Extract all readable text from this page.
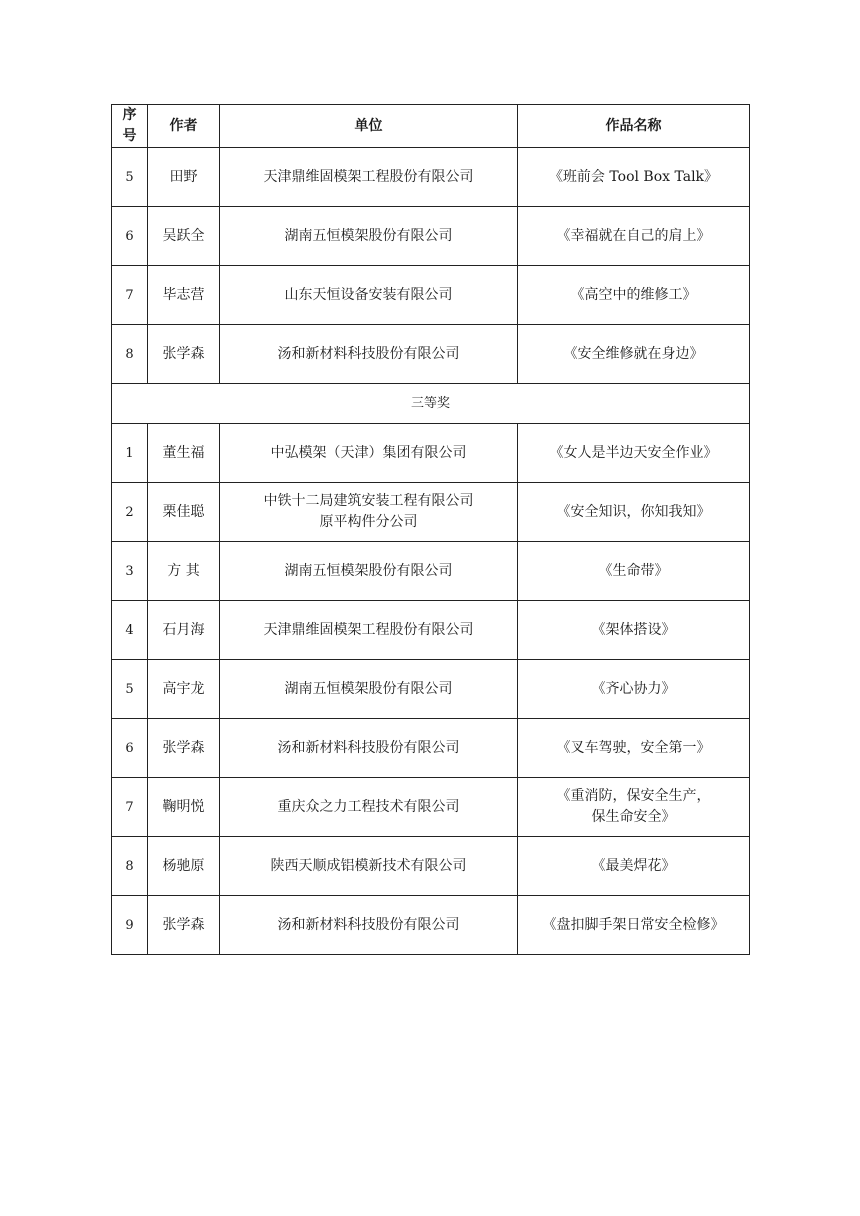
序号	作者	单位	作品名称
5	田野	天津鼎维固模架工程股份有限公司	《班前会 Tool Box Talk》
6	吴跃全	湖南五恒模架股份有限公司	《幸福就在自己的肩上》
7	毕志营	山东天恒设备安装有限公司	《高空中的维修工》
8	张学森	汤和新材料科技股份有限公司	《安全维修就在身边》
三等奖			
1	董生福	中弘模架（天津）集团有限公司	《女人是半边天安全作业》
2	栗佳聪	中铁十二局建筑安装工程有限公司
原平构件分公司	《安全知识，你知我知》
3	方 其	湖南五恒模架股份有限公司	《生命带》
4	石月海	天津鼎维固模架工程股份有限公司	《架体搭设》
5	高宇龙	湖南五恒模架股份有限公司	《齐心协力》
6	张学森	汤和新材料科技股份有限公司	《叉车驾驶，安全第一》
7	鞠明悦	重庆众之力工程技术有限公司	《重消防，保安全生产，
保生命安全》
8	杨驰原	陕西天顺成铝模新技术有限公司	《最美焊花》
9	张学森	汤和新材料科技股份有限公司	《盘扣脚手架日常安全检修》
